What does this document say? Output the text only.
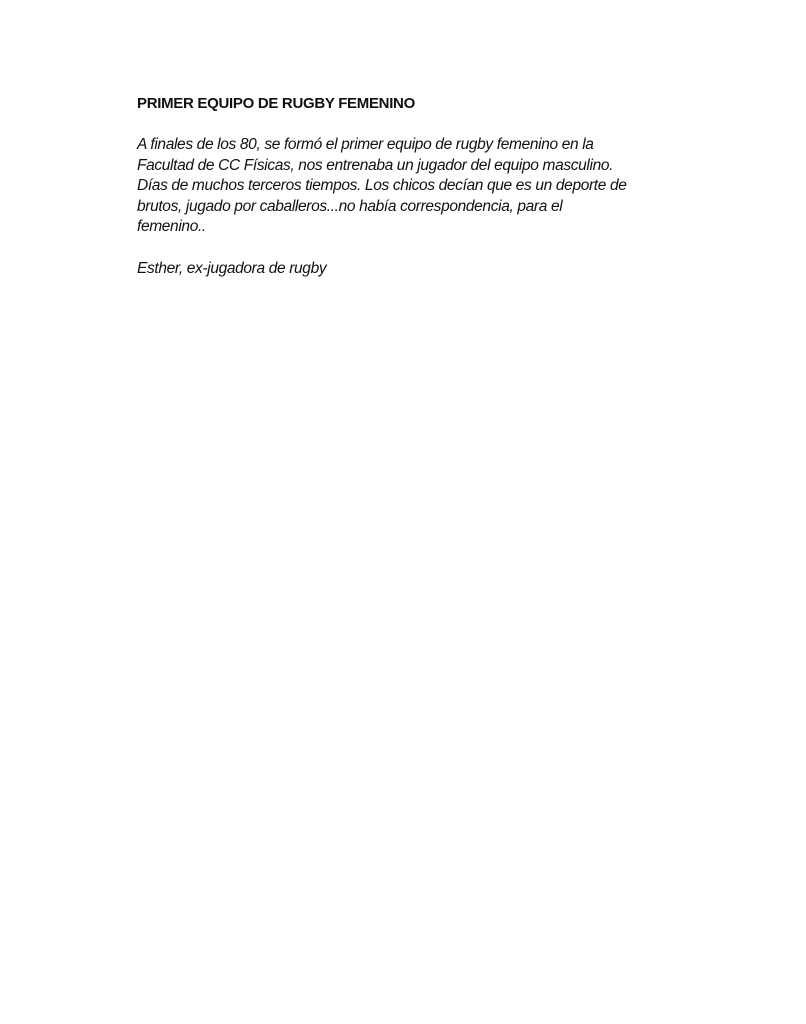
PRIMER EQUIPO DE RUGBY FEMENINO

A finales de los 80, se formó el primer equipo de rugby femenino en la
Facultad de CC Físicas, nos entrenaba un jugador del equipo masculino.
Días de muchos terceros tiempos. Los chicos decían que es un deporte de
brutos, jugado por caballeros...no había correspondencia, para el
femenino..

Esther, ex-jugadora de rugby
